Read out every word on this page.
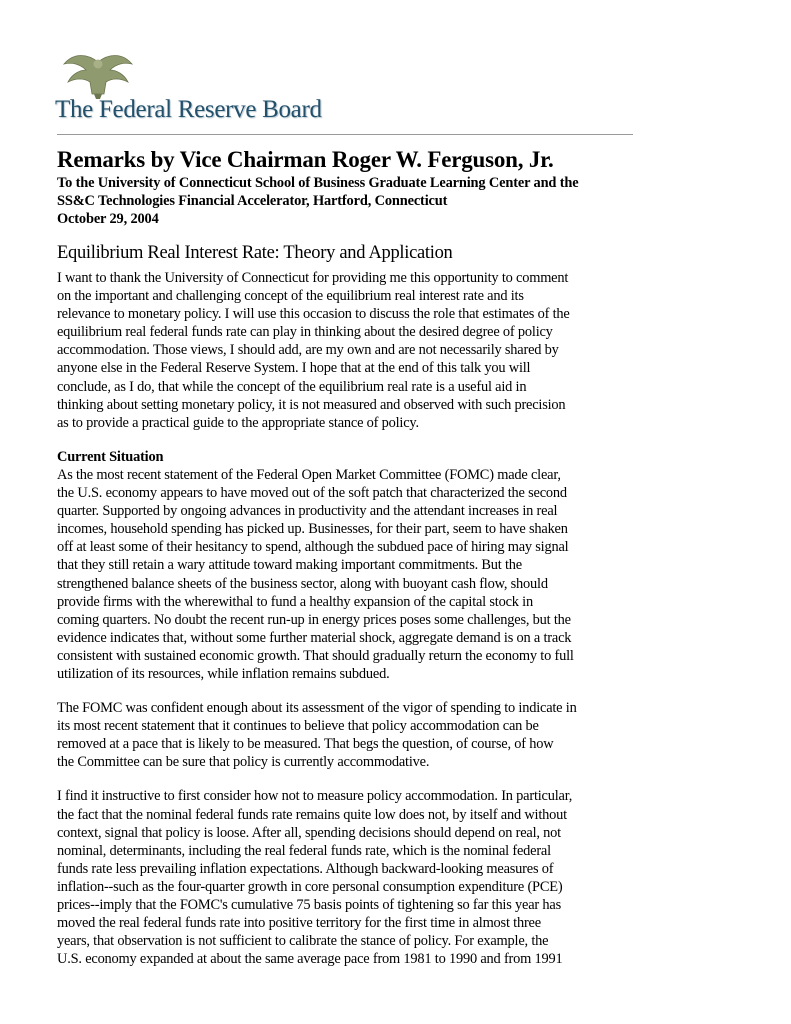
The Federal Reserve Board
Remarks by Vice Chairman Roger W. Ferguson, Jr.
To the University of Connecticut School of Business Graduate Learning Center and the
SS&C Technologies Financial Accelerator, Hartford, Connecticut
October 29, 2004
Equilibrium Real Interest Rate: Theory and Application

I want to thank the University of Connecticut for providing me this opportunity to comment
on the important and challenging concept of the equilibrium real interest rate and its
relevance to monetary policy. I will use this occasion to discuss the role that estimates of the
equilibrium real federal funds rate can play in thinking about the desired degree of policy
accommodation. Those views, I should add, are my own and are not necessarily shared by
anyone else in the Federal Reserve System. I hope that at the end of this talk you will
conclude, as I do, that while the concept of the equilibrium real rate is a useful aid in
thinking about setting monetary policy, it is not measured and observed with such precision
as to provide a practical guide to the appropriate stance of policy.

Current Situation
As the most recent statement of the Federal Open Market Committee (FOMC) made clear,
the U.S. economy appears to have moved out of the soft patch that characterized the second
quarter. Supported by ongoing advances in productivity and the attendant increases in real
incomes, household spending has picked up. Businesses, for their part, seem to have shaken
off at least some of their hesitancy to spend, although the subdued pace of hiring may signal
that they still retain a wary attitude toward making important commitments. But the
strengthened balance sheets of the business sector, along with buoyant cash flow, should
provide firms with the wherewithal to fund a healthy expansion of the capital stock in
coming quarters. No doubt the recent run-up in energy prices poses some challenges, but the
evidence indicates that, without some further material shock, aggregate demand is on a track
consistent with sustained economic growth. That should gradually return the economy to full
utilization of its resources, while inflation remains subdued.

The FOMC was confident enough about its assessment of the vigor of spending to indicate in
its most recent statement that it continues to believe that policy accommodation can be
removed at a pace that is likely to be measured. That begs the question, of course, of how
the Committee can be sure that policy is currently accommodative.

I find it instructive to first consider how not to measure policy accommodation. In particular,
the fact that the nominal federal funds rate remains quite low does not, by itself and without
context, signal that policy is loose. After all, spending decisions should depend on real, not
nominal, determinants, including the real federal funds rate, which is the nominal federal
funds rate less prevailing inflation expectations. Although backward-looking measures of
inflation--such as the four-quarter growth in core personal consumption expenditure (PCE)
prices--imply that the FOMC's cumulative 75 basis points of tightening so far this year has
moved the real federal funds rate into positive territory for the first time in almost three
years, that observation is not sufficient to calibrate the stance of policy. For example, the
U.S. economy expanded at about the same average pace from 1981 to 1990 and from 1991
